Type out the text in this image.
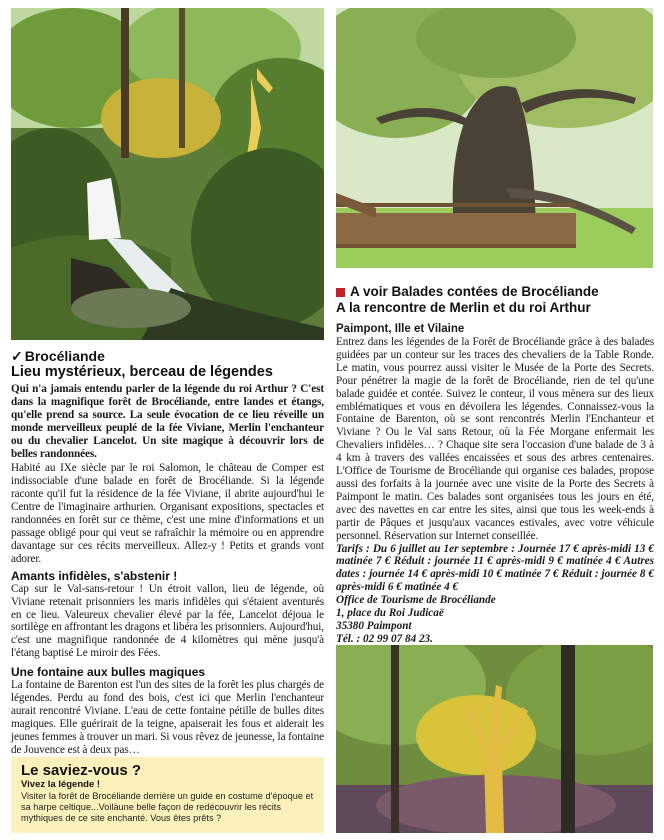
✓ Brocéliande
Lieu mystérieux, berceau de légendes

Qui n'a jamais entendu parler de la légende du roi Arthur ? C'est dans la magnifique forêt de Brocéliande, entre landes et étangs, qu'elle prend sa source. La seule évocation de ce lieu réveille un monde merveilleux peuplé de la fée Viviane, Merlin l'enchanteur ou du chevalier Lancelot. Un site magique à découvrir lors de belles randonnées.

Habité au IXe siècle par le roi Salomon, le château de Comper est indissociable d'une balade en forêt de Brocéliande. Si la légende raconte qu'il fut la résidence de la fée Viviane, il abrite aujourd'hui le Centre de l'imaginaire arthurien. Organisant expositions, spectacles et randonnées en forêt sur ce thème, c'est une mine d'informations et un passage obligé pour qui veut se rafraîchir la mémoire ou en apprendre davantage sur ces récits merveilleux. Allez-y ! Petits et grands vont adorer.

Amants infidèles, s'abstenir !

Cap sur le Val-sans-retour ! Un étroit vallon, lieu de légende, où Viviane retenait prisonniers les maris infidèles qui s'étaient aventurés en ce lieu. Valeureux chevalier élevé par la fée, Lancelot déjoua le sortilège en affrontant les dragons et libéra les prisonniers. Aujourd'hui, c'est une magnifique randonnée de 4 kilomètres qui mène jusqu'à l'étang baptisé Le miroir des Fées.

Une fontaine aux bulles magiques

La fontaine de Barenton est l'un des sites de la forêt les plus chargés de légendes. Perdu au fond des bois, c'est ici que Merlin l'enchanteur aurait rencontré Viviane. L'eau de cette fontaine pétille de bulles dites magiques. Elle guérirait de la teigne, apaiserait les fous et aiderait les jeunes femmes à trouver un mari. Si vous rêvez de jeunesse, la fontaine de Jouvence est à deux pas…

Le saviez-vous ?
Vivez la légende !
Visiter la forêt de Brocéliande derrière un guide en costume d'époque et sa harpe celtique...Voilàune belle façon de redécouvrir les récits mythiques de ce site enchanté. Vous êtes prêts ?
A voir Balades contées de Brocéliande
A la rencontre de Merlin et du roi Arthur
Paimpont, Ille et Vilaine

Entrez dans les légendes de la Forêt de Brocéliande grâce à des balades guidées par un conteur sur les traces des chevaliers de la Table Ronde. Le matin, vous pourrez aussi visiter le Musée de la Porte des Secrets. Pour pénétrer la magie de la forêt de Brocéliande, rien de tel qu'une balade guidée et contée. Suivez le conteur, il vous mènera sur des lieux emblématiques et vous en dévoilera les légendes. Connaissez-vous la Fontaine de Barenton, où se sont rencontrés Merlin l'Enchanteur et Viviane ? Ou le Val sans Retour, où la Fée Morgane enfermait les Chevaliers infidèles… ? Chaque site sera l'occasion d'une balade de 3 à 4 km à travers des vallées encaissées et sous des arbres centenaires. L'Office de Tourisme de Brocéliande qui organise ces balades, propose aussi des forfaits à la journée avec une visite de la Porte des Secrets à Paimpont le matin. Ces balades sont organisées tous les jours en été, avec des navettes en car entre les sites, ainsi que tous les week-ends à partir de Pâques et jusqu'aux vacances estivales, avec votre véhicule personnel. Réservation sur Internet conseillée.

Tarifs : Du 6 juillet au 1er septembre : Journée 17 € après-midi 13 € matinée 7 € Réduit : journée 11 € après-midi 9 € matinée 4 € Autres dates : journée 14 € après-midi 10 € matinée 7 € Réduit : journée 8 € après-midi 6 € matinée 4 €

Office de Tourisme de Brocéliande

1, place du Roi Judicaë

35380 Paimpont

Tél. : 02 99 07 84 23.
